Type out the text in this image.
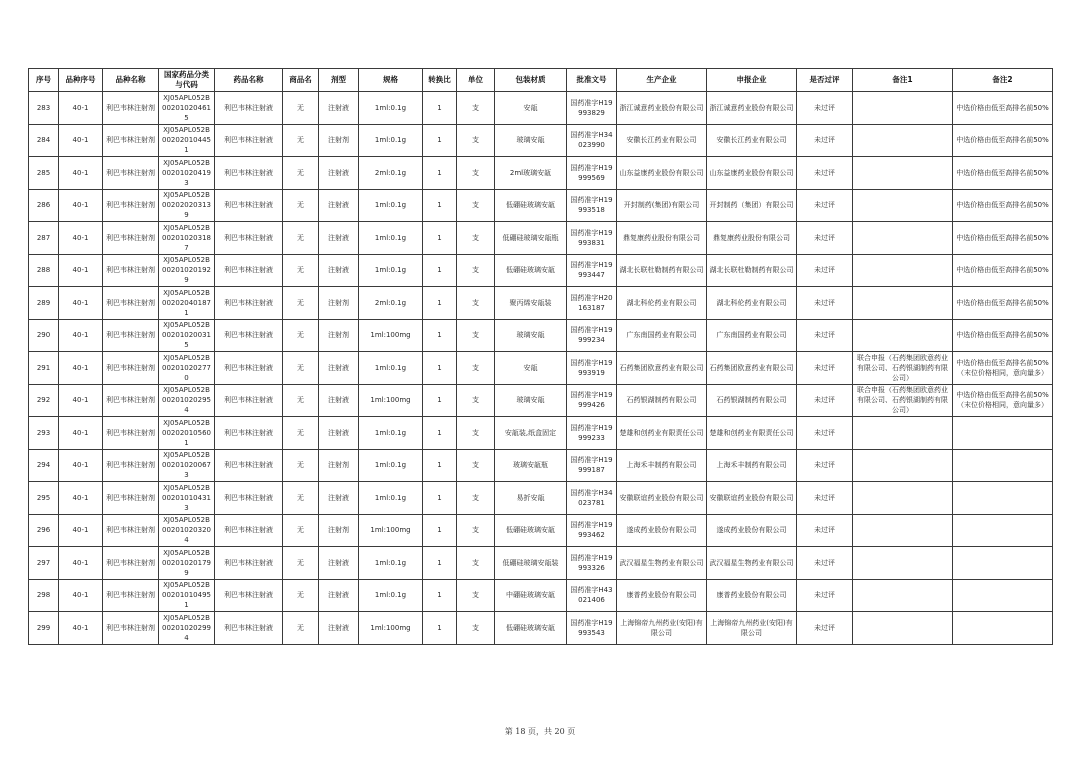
序号	品种序号	品种名称	国家药品分类与代码	药品名称	商品名	剂型	规格	转换比	单位	包装材质	批准文号	生产企业	申报企业	是否过评	备注1	备注2
283	40-1	利巴韦林注射剂	XJ05APL052B002010204615	利巴韦林注射液	无	注射液	1ml:0.1g	1	支	安瓿	国药准字H19993829	浙江诚意药业股份有限公司	浙江诚意药业股份有限公司	未过评		中选价格由低至高排名前50%
284	40-1	利巴韦林注射剂	XJ05APL052B002020104451	利巴韦林注射液	无	注射剂	1ml:0.1g	1	支	玻璃安瓿	国药准字H34023990	安徽长江药业有限公司	安徽长江药业有限公司	未过评		中选价格由低至高排名前50%
285	40-1	利巴韦林注射剂	XJ05APL052B002010204193	利巴韦林注射液	无	注射液	2ml:0.1g	1	支	2ml玻璃安瓿	国药准字H19999569	山东益康药业股份有限公司	山东益康药业股份有限公司	未过评		中选价格由低至高排名前50%
286	40-1	利巴韦林注射剂	XJ05APL052B002020203139	利巴韦林注射液	无	注射液	1ml:0.1g	1	支	低硼硅玻璃安瓿	国药准字H19993518	开封制药(集团)有限公司	开封制药（集团）有限公司	未过评		中选价格由低至高排名前50%
287	40-1	利巴韦林注射剂	XJ05APL052B002010203187	利巴韦林注射液	无	注射液	1ml:0.1g	1	支	低硼硅玻璃安瓿瓶	国药准字H19993831	鼎复康药业股份有限公司	鼎复康药业股份有限公司	未过评		中选价格由低至高排名前50%
288	40-1	利巴韦林注射剂	XJ05APL052B002010201929	利巴韦林注射液	无	注射液	1ml:0.1g	1	支	低硼硅玻璃安瓿	国药准字H19993447	湖北长联杜勒制药有限公司	湖北长联杜勒制药有限公司	未过评		中选价格由低至高排名前50%
289	40-1	利巴韦林注射剂	XJ05APL052B002020401871	利巴韦林注射液	无	注射剂	2ml:0.1g	1	支	聚丙烯安瓿装	国药准字H20163187	湖北科伦药业有限公司	湖北科伦药业有限公司	未过评		中选价格由低至高排名前50%
290	40-1	利巴韦林注射剂	XJ05APL052B002010200315	利巴韦林注射液	无	注射剂	1ml:100mg	1	支	玻璃安瓿	国药准字H19999234	广东南国药业有限公司	广东南国药业有限公司	未过评		中选价格由低至高排名前50%
291	40-1	利巴韦林注射剂	XJ05APL052B002010202770	利巴韦林注射液	无	注射液	1ml:0.1g	1	支	安瓿	国药准字H19993919	石药集团欧意药业有限公司	石药集团欧意药业有限公司	未过评	联合申报（石药集团欧意药业有限公司、石药银湖制药有限公司）	中选价格由低至高排名前50%（末位价格相同，意向量多）
292	40-1	利巴韦林注射剂	XJ05APL052B002010202954	利巴韦林注射液	无	注射液	1ml:100mg	1	支	玻璃安瓿	国药准字H19999426	石药银湖制药有限公司	石药银湖制药有限公司	未过评	联合申报（石药集团欧意药业有限公司、石药银湖制药有限公司）	中选价格由低至高排名前50%（末位价格相同，意向量多）
293	40-1	利巴韦林注射剂	XJ05APL052B002020105601	利巴韦林注射液	无	注射液	1ml:0.1g	1	支	安瓿装,纸盒固定	国药准字H19999233	楚雄和创药业有限责任公司	楚雄和创药业有限责任公司	未过评		
294	40-1	利巴韦林注射剂	XJ05APL052B002010200673	利巴韦林注射液	无	注射剂	1ml:0.1g	1	支	玻璃安瓿瓶	国药准字H19999187	上海禾丰制药有限公司	上海禾丰制药有限公司	未过评		
295	40-1	利巴韦林注射剂	XJ05APL052B002010104313	利巴韦林注射液	无	注射液	1ml:0.1g	1	支	易折安瓿	国药准字H34023781	安徽联谊药业股份有限公司	安徽联谊药业股份有限公司	未过评		
296	40-1	利巴韦林注射剂	XJ05APL052B002010203204	利巴韦林注射液	无	注射剂	1ml:100mg	1	支	低硼硅玻璃安瓿	国药准字H19993462	遂成药业股份有限公司	遂成药业股份有限公司	未过评		
297	40-1	利巴韦林注射剂	XJ05APL052B002010201799	利巴韦林注射液	无	注射液	1ml:0.1g	1	支	低硼硅玻璃安瓿装	国药准字H19993326	武汉福星生物药业有限公司	武汉福星生物药业有限公司	未过评		
298	40-1	利巴韦林注射剂	XJ05APL052B002010104951	利巴韦林注射液	无	注射液	1ml:0.1g	1	支	中硼硅玻璃安瓿	国药准字H43021406	康普药业股份有限公司	康普药业股份有限公司	未过评		
299	40-1	利巴韦林注射剂	XJ05APL052B002010202994	利巴韦林注射液	无	注射液	1ml:100mg	1	支	低硼硅玻璃安瓿	国药准字H19993543	上海锦帝九州药业(安阳)有限公司	上海锦帝九州药业(安阳)有限公司	未过评		
第 18 页，共 20 页
